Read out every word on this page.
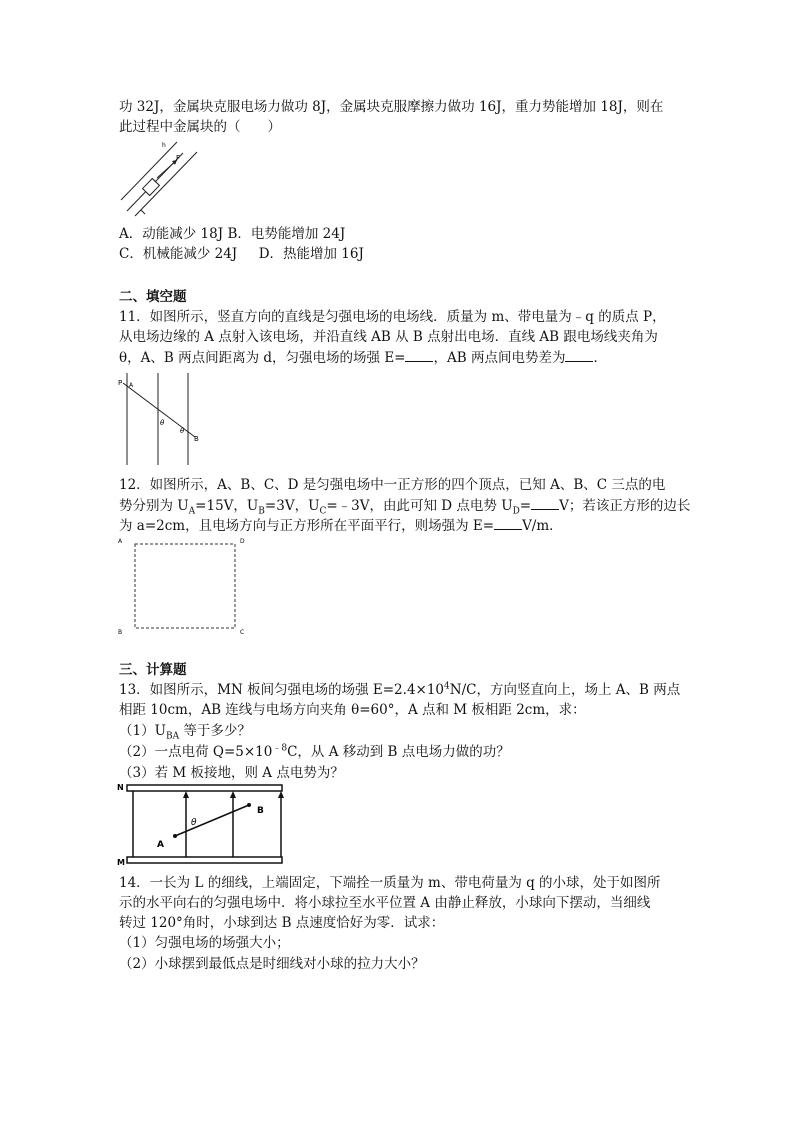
功 32J，金属块克服电场力做功 8J，金属块克服摩擦力做功 16J，重力势能增加 18J，则在
此过程中金属块的（　　）
F
h
A．动能减少 18J B．电势能增加 24J
C．机械能减少 24J D．热能增加 16J
二、填空题
11．如图所示，竖直方向的直线是匀强电场的电场线．质量为 m、带电量为﹣q 的质点 P，
从电场边缘的 A 点射入该电场，并沿直线 AB 从 B 点射出电场．直线 AB 跟电场线夹角为
θ，A、B 两点间距离为 d，匀强电场的场强 E= ，AB 两点间电势差为 ．
P A
B
θ
θ
12．如图所示，A、B、C、D 是匀强电场中一正方形的四个顶点，已知 A、B、C 三点的电
势分别为 $U_A=15V$，$U_B=3V$，$U_C=﹣3V$，由此可知 D 点电势 $U_D= V$；若该正方形的边长
为 a=2cm，且电场方向与正方形所在平面平行，则场强为 E= V/m．
A	D
B	C
三、计算题
13．如图所示，MN 板间匀强电场的场强 $E=2.4\times 10^4N/C$，方向竖直向上，场上 A、B 两点
相距 10cm，AB 连线与电场方向夹角 θ=60°，A 点和 M 板相距 2cm，求：
$(1)U_{BA}$ 等于多少？
（2）一点电荷 $Q=5\times 10^{﹣8}C$，从 A 移动到 B 点电场力做的功？
（3）若 M 板接地，则 A 点电势为？
N
M
A
B
θ
14．一长为 L 的细线，上端固定，下端拴一质量为 m、带电荷量为 q 的小球，处于如图所
示的水平向右的匀强电场中．将小球拉至水平位置 A 由静止释放，小球向下摆动，当细线
转过 120°角时，小球到达 B 点速度恰好为零．试求：
（1）匀强电场的场强大小；
（2）小球摆到最低点是时细线对小球的拉力大小？
